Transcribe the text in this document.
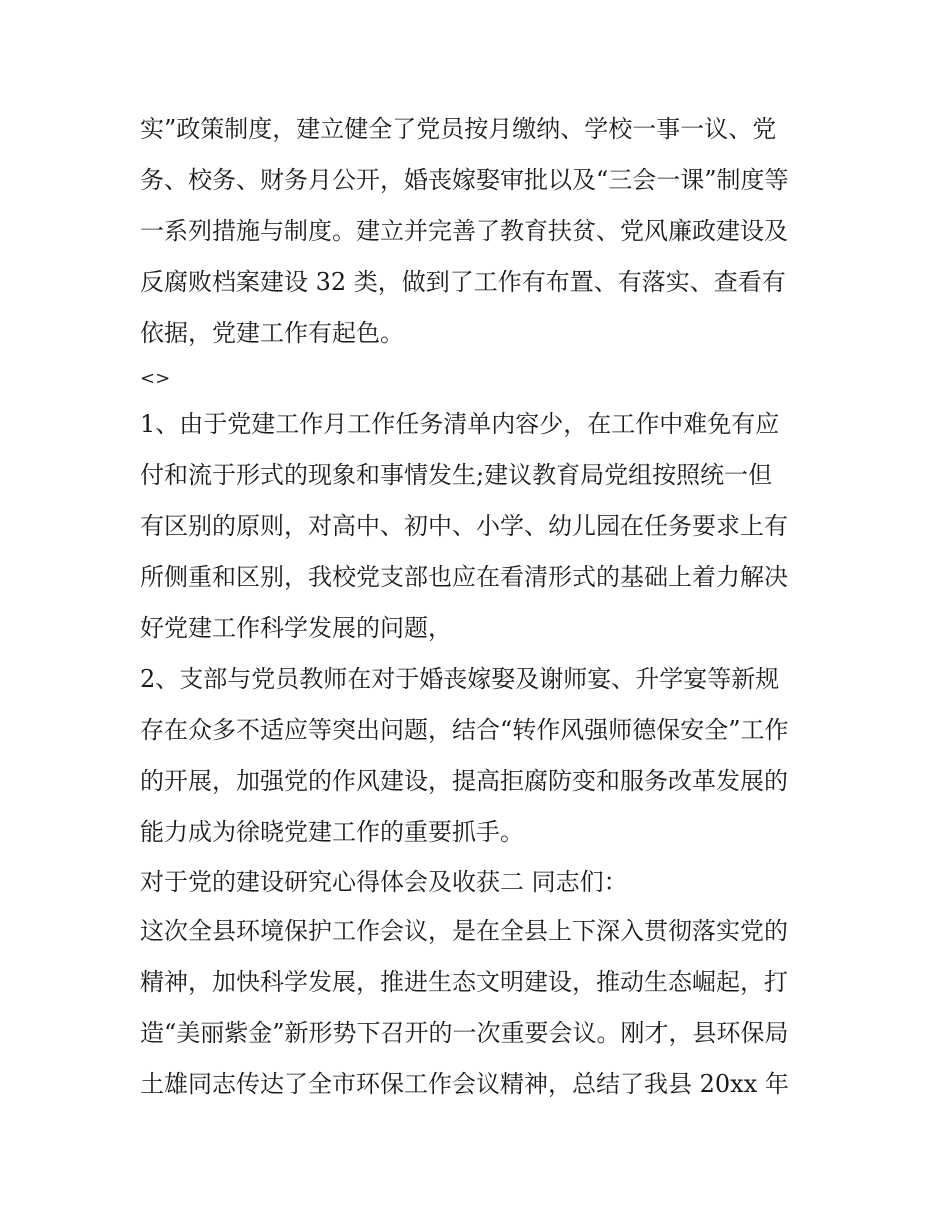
实”政策制度，建立健全了党员按月缴纳、学校一事一议、党
务、校务、财务月公开，婚丧嫁娶审批以及“三会一课”制度等
一系列措施与制度。建立并完善了教育扶贫、党风廉政建设及
反腐败档案建设 32 类，做到了工作有布置、有落实、查看有
依据，党建工作有起色。
<>
1、由于党建工作月工作任务清单内容少，在工作中难免有应
付和流于形式的现象和事情发生;建议教育局党组按照统一但
有区别的原则，对高中、初中、小学、幼儿园在任务要求上有
所侧重和区别，我校党支部也应在看清形式的基础上着力解决
好党建工作科学发展的问题，
2、支部与党员教师在对于婚丧嫁娶及谢师宴、升学宴等新规
存在众多不适应等突出问题，结合“转作风强师德保安全”工作
的开展，加强党的作风建设，提高拒腐防变和服务改革发展的
能力成为徐晓党建工作的重要抓手。
对于党的建设研究心得体会及收获二 同志们：
这次全县环境保护工作会议，是在全县上下深入贯彻落实党的
精神，加快科学发展，推进生态文明建设，推动生态崛起，打
造“美丽紫金”新形势下召开的一次重要会议。刚才，县环保局
土雄同志传达了全市环保工作会议精神，总结了我县 20xx 年
